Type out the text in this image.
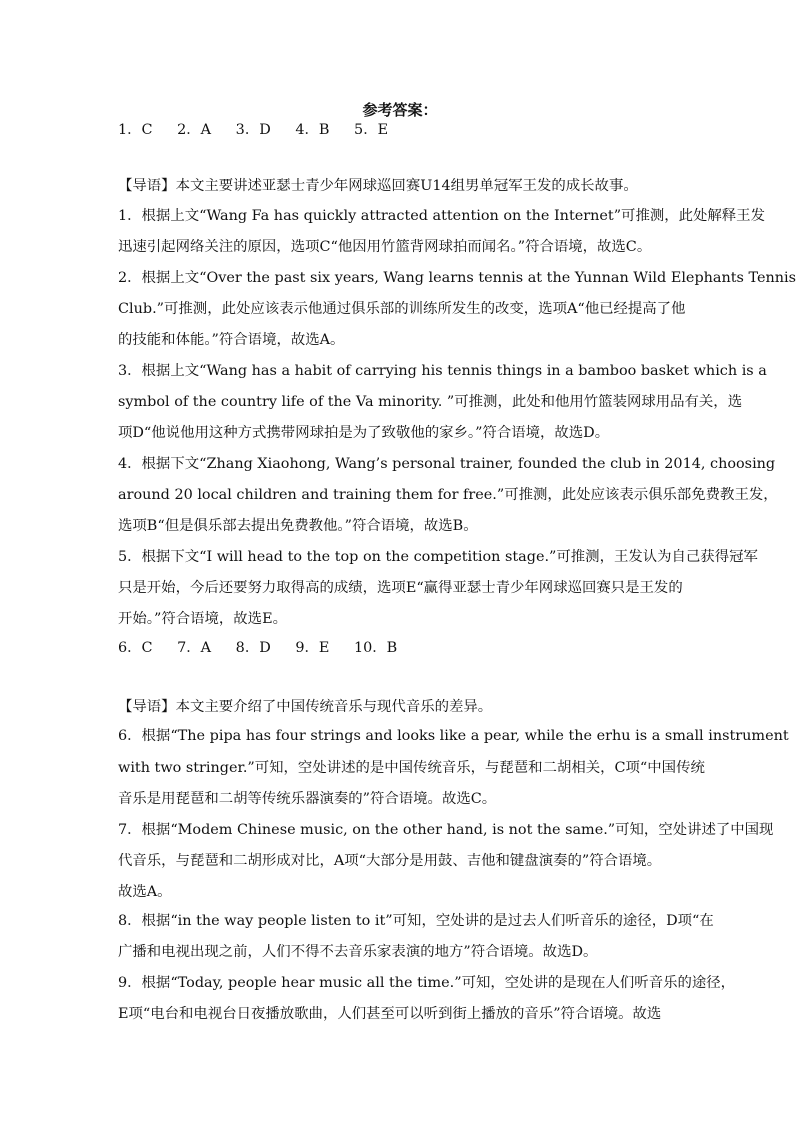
参考答案：
1．C 2．A 3．D 4．B 5．E
【导语】本文主要讲述亚瑟士青少年网球巡回赛U14组男单冠军王发的成长故事。
1．根据上文“Wang Fa has quickly attracted attention on the Internet”可推测，此处解释王发
迅速引起网络关注的原因，选项C“他因用竹篮背网球拍而闻名。”符合语境，故选C。
2．根据上文“Over the past six years, Wang learns tennis at the Yunnan Wild Elephants Tennis
Club.”可推测，此处应该表示他通过俱乐部的训练所发生的改变，选项A“他已经提高了他
的技能和体能。”符合语境，故选A。
3．根据上文“Wang has a habit of carrying his tennis things in a bamboo basket which is a
symbol of the country life of the Va minority. ”可推测，此处和他用竹篮装网球用品有关，选
项D“他说他用这种方式携带网球拍是为了致敬他的家乡。”符合语境，故选D。
4．根据下文“Zhang Xiaohong, Wang’s personal trainer, founded the club in 2014, choosing
around 20 local children and training them for free.”可推测，此处应该表示俱乐部免费教王发，
选项B“但是俱乐部去提出免费教他。”符合语境，故选B。
5．根据下文“I will head to the top on the competition stage.”可推测，王发认为自己获得冠军
只是开始，今后还要努力取得高的成绩，选项E“赢得亚瑟士青少年网球巡回赛只是王发的
开始。”符合语境，故选E。
6．C 7．A 8．D 9．E 10．B
【导语】本文主要介绍了中国传统音乐与现代音乐的差异。
6．根据“The pipa has four strings and looks like a pear, while the erhu is a small instrument
with two stringer.”可知，空处讲述的是中国传统音乐，与琵琶和二胡相关，C项“中国传统
音乐是用琵琶和二胡等传统乐器演奏的”符合语境。故选C。
7．根据“Modem Chinese music, on the other hand, is not the same.”可知，空处讲述了中国现
代音乐，与琵琶和二胡形成对比，A项“大部分是用鼓、吉他和键盘演奏的”符合语境。
故选A。
8．根据“in the way people listen to it”可知，空处讲的是过去人们听音乐的途径，D项“在
广播和电视出现之前，人们不得不去音乐家表演的地方”符合语境。故选D。
9．根据“Today, people hear music all the time.”可知，空处讲的是现在人们听音乐的途径，
E项“电台和电视台日夜播放歌曲，人们甚至可以听到街上播放的音乐”符合语境。故选
